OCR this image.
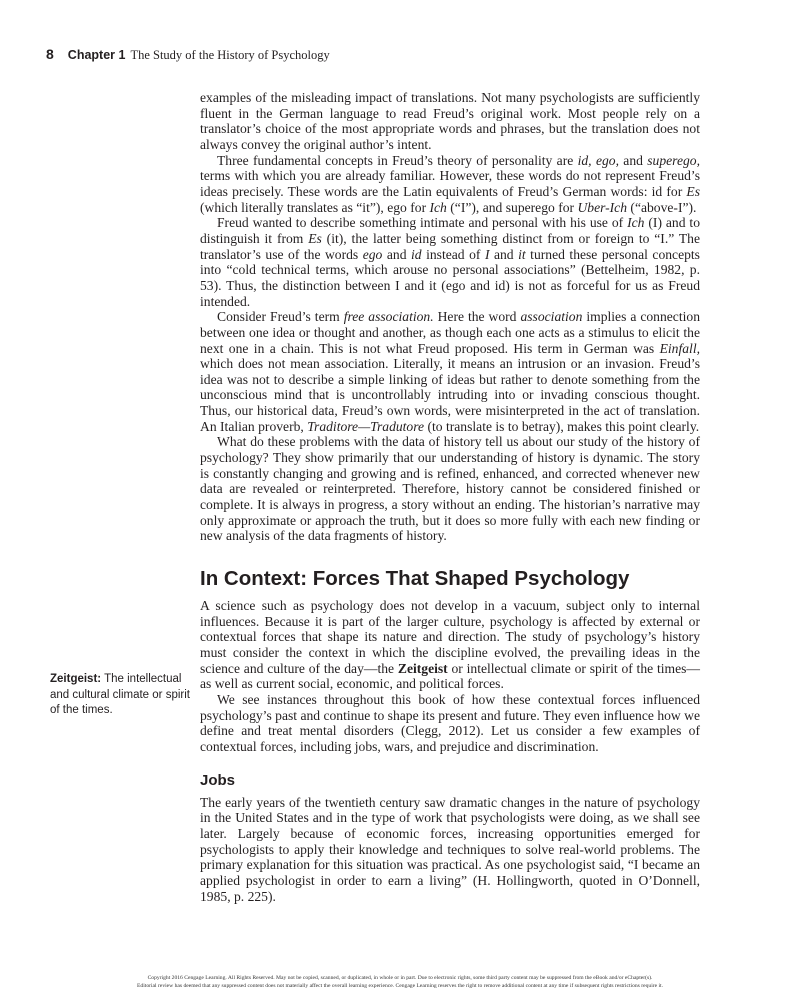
8 Chapter 1 The Study of the History of Psychology

examples of the misleading impact of translations. Not many psychologists are sufficiently fluent in the German language to read Freud’s original work. Most people rely on a translator’s choice of the most appropriate words and phrases, but the translation does not always convey the original author’s intent.

Three fundamental concepts in Freud’s theory of personality are id, ego, and superego, terms with which you are already familiar. However, these words do not represent Freud’s ideas precisely. These words are the Latin equivalents of Freud’s German words: id for Es (which literally translates as “it”), ego for Ich (“I”), and superego for Uber-Ich (“above-I”).

Freud wanted to describe something intimate and personal with his use of Ich (I) and to distinguish it from Es (it), the latter being something distinct from or foreign to “I.” The translator’s use of the words ego and id instead of I and it turned these personal concepts into “cold technical terms, which arouse no personal associations” (Bettelheim, 1982, p. 53). Thus, the distinction between I and it (ego and id) is not as forceful for us as Freud intended.

Consider Freud’s term free association. Here the word association implies a connection between one idea or thought and another, as though each one acts as a stimulus to elicit the next one in a chain. This is not what Freud proposed. His term in German was Einfall, which does not mean association. Literally, it means an intrusion or an invasion. Freud’s idea was not to describe a simple linking of ideas but rather to denote something from the unconscious mind that is uncontrollably intruding into or invading conscious thought. Thus, our historical data, Freud’s own words, were misinterpreted in the act of translation. An Italian proverb, Traditore—Tradutore (to translate is to betray), makes this point clearly.

What do these problems with the data of history tell us about our study of the history of psychology? They show primarily that our understanding of history is dynamic. The story is constantly changing and growing and is refined, enhanced, and corrected whenever new data are revealed or reinterpreted. Therefore, history cannot be considered finished or complete. It is always in progress, a story without an ending. The historian’s narrative may only approximate or approach the truth, but it does so more fully with each new finding or new analysis of the data fragments of history.

In Context: Forces That Shaped Psychology

A science such as psychology does not develop in a vacuum, subject only to internal influences. Because it is part of the larger culture, psychology is affected by external or contextual forces that shape its nature and direction. The study of psychology’s history must consider the context in which the discipline evolved, the prevailing ideas in the science and culture of the day—the Zeitgeist or intellectual climate or spirit of the times—as well as current social, economic, and political forces.

We see instances throughout this book of how these contextual forces influenced psychology’s past and continue to shape its present and future. They even influence how we define and treat mental disorders (Clegg, 2012). Let us consider a few examples of contextual forces, including jobs, wars, and prejudice and discrimination.

Jobs

The early years of the twentieth century saw dramatic changes in the nature of psychology in the United States and in the type of work that psychologists were doing, as we shall see later. Largely because of economic forces, increasing opportunities emerged for psychologists to apply their knowledge and techniques to solve real-world problems. The primary explanation for this situation was practical. As one psychologist said, “I became an applied psychologist in order to earn a living” (H. Hollingworth, quoted in O’Donnell, 1985, p. 225).

Zeitgeist: The intellectual and cultural climate or spirit of the times.
Copyright 2016 Cengage Learning. All Rights Reserved. May not be copied, scanned, or duplicated, in whole or in part. Due to electronic rights, some third party content may be suppressed from the eBook and/or eChapter(s).
Editorial review has deemed that any suppressed content does not materially affect the overall learning experience. Cengage Learning reserves the right to remove additional content at any time if subsequent rights restrictions require it.
